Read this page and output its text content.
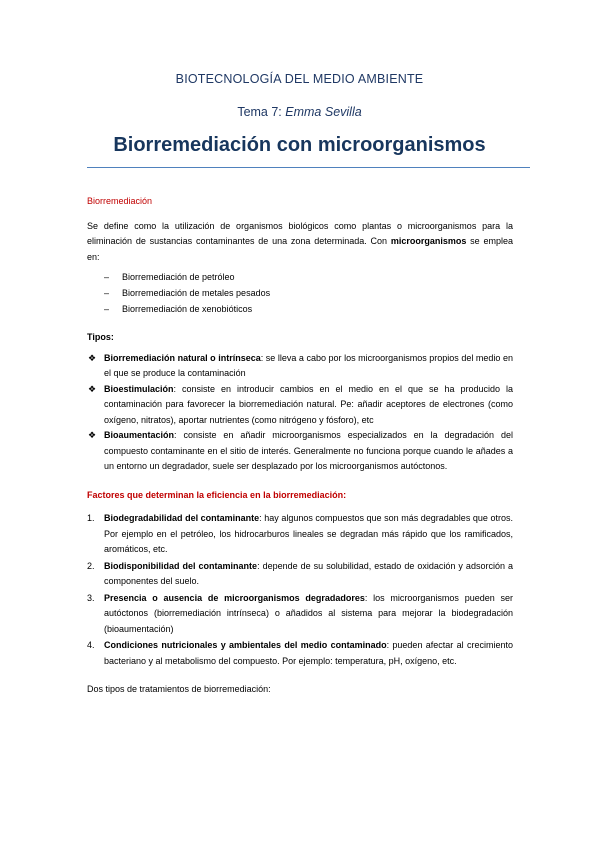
BIOTECNOLOGÍA DEL MEDIO AMBIENTE
Tema 7: Emma Sevilla
Biorremediación con microorganismos

Biorremediación

Se define como la utilización de organismos biológicos como plantas o microorganismos para la eliminación de sustancias contaminantes de una zona determinada. Con microorganismos se emplea en:

– Biorremediación de petróleo
– Biorremediación de metales pesados
– Biorremediación de xenobióticos

Tipos:

❖ Biorremediación natural o intrínseca: se lleva a cabo por los microorganismos propios del medio en el que se produce la contaminación
❖ Bioestimulación: consiste en introducir cambios en el medio en el que se ha producido la contaminación para favorecer la biorremediación natural. Pe: añadir aceptores de electrones (como oxígeno, nitratos), aportar nutrientes (como nitrógeno y fósforo), etc
❖ Bioaumentación: consiste en añadir microorganismos especializados en la degradación del compuesto contaminante en el sitio de interés. Generalmente no funciona porque cuando le añades a un entorno un degradador, suele ser desplazado por los microorganismos autóctonos.

Factores que determinan la eficiencia en la biorremediación:

1. Biodegradabilidad del contaminante: hay algunos compuestos que son más degradables que otros. Por ejemplo en el petróleo, los hidrocarburos lineales se degradan más rápido que los ramificados, aromáticos, etc.
2. Biodisponibilidad del contaminante: depende de su solubilidad, estado de oxidación y adsorción a componentes del suelo.
3. Presencia o ausencia de microorganismos degradadores: los microorganismos pueden ser autóctonos (biorremediación intrínseca) o añadidos al sistema para mejorar la biodegradación (bioaumentación)
4. Condiciones nutricionales y ambientales del medio contaminado: pueden afectar al crecimiento bacteriano y al metabolismo del compuesto. Por ejemplo: temperatura, pH, oxígeno, etc.

Dos tipos de tratamientos de biorremediación:
